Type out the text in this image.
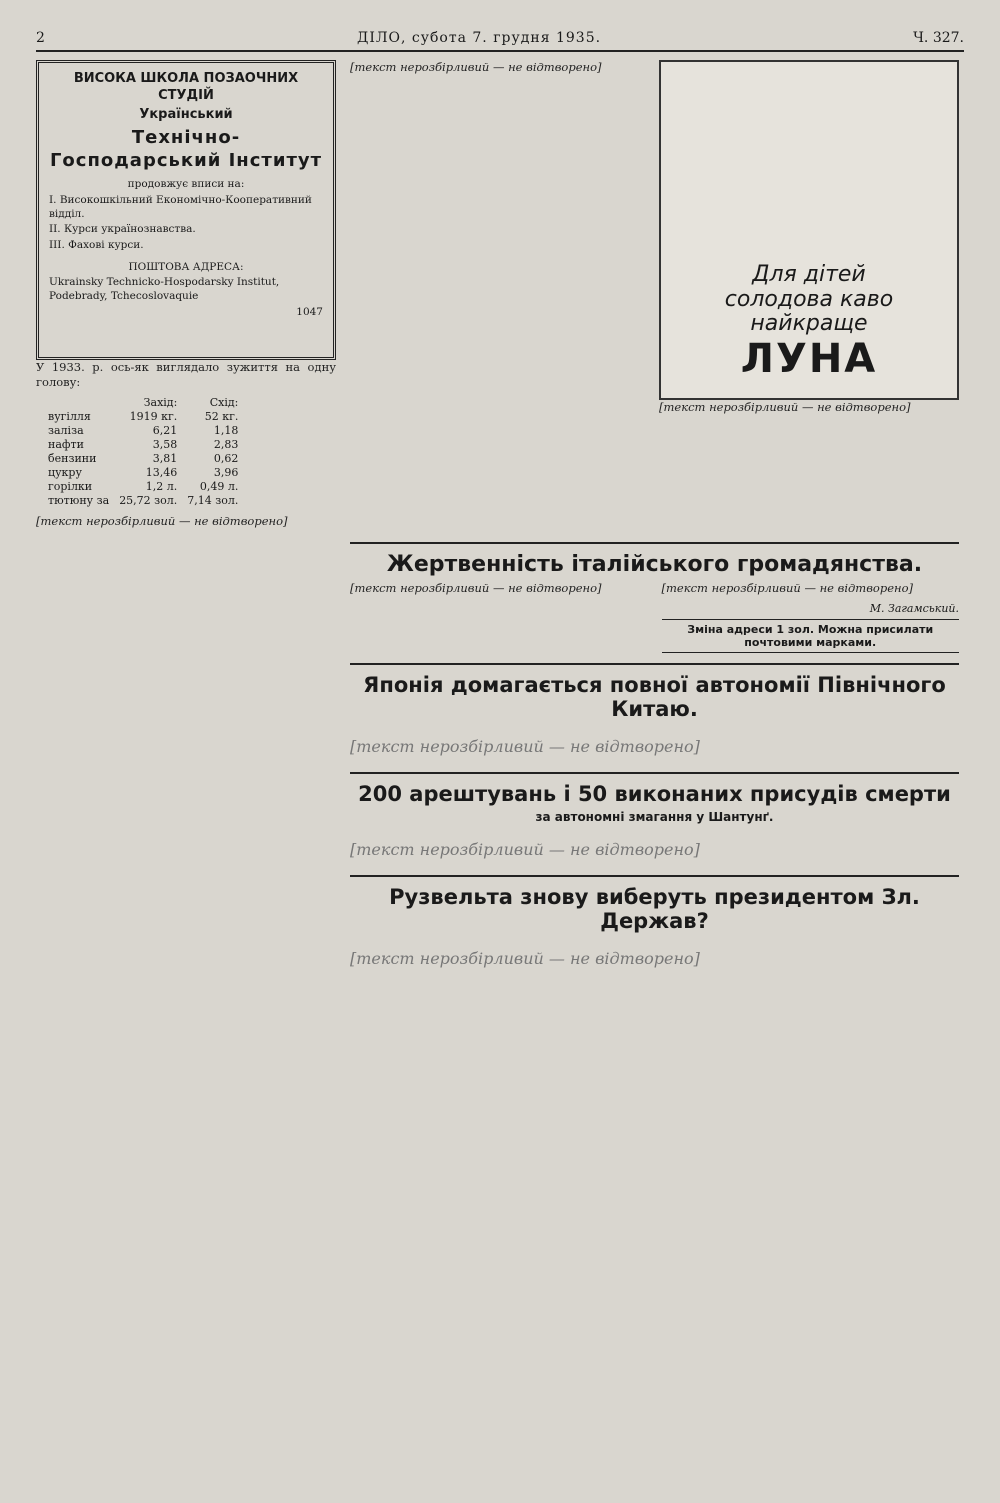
2	ДІЛО, субота 7. грудня 1935.	Ч. 327.
ВИСОКА ШКОЛА ПОЗАОЧНИХ СТУДІЙ
Український
Технічно-Господарський Інститут
продовжує вписи на:
I. Високошкільний Економічно-Кооперативний відділ.
II. Курси українознавства.
III. Фахові курси.
ПОШТОВА АДРЕСА:
Ukrainsky Technicko-Hospodarsky Institut, Podebrady, Tchecoslovaquie
1047

У 1933. р. ось-як виглядало зужиття на одну голову:

	Захід:	Схід:
вугілля	1919 кг.	52 кг.
заліза	6,21	1,18
нафти	3,58	2,83
бензини	3,81	0,62
цукру	13,46	3,96
горілки	1,2 л.	0,49 л.
тютюну за	25,72 зол.	7,14 зол.

[текст нерозбірливий — не відтворено]

[текст нерозбірливий — не відтворено]

Для дітей
солодова каво
найкраще
ЛУНА

[текст нерозбірливий — не відтворено]

Жертвенність італійського громадянства.

[текст нерозбірливий — не відтворено]	[текст нерозбірливий — не відтворено]

М. Загамський.
Зміна адреси 1 зол. Можна присилати почтовими марками.
Японія домагається повної автономії Північного Китаю.

[текст нерозбірливий — не відтворено]

200 арештувань і 50 виконаних присудів смерти
за автономні змагання у Шантунґ.

[текст нерозбірливий — не відтворено]

Рузвельта знову виберуть президентом Зл. Держав?

[текст нерозбірливий — не відтворено]
